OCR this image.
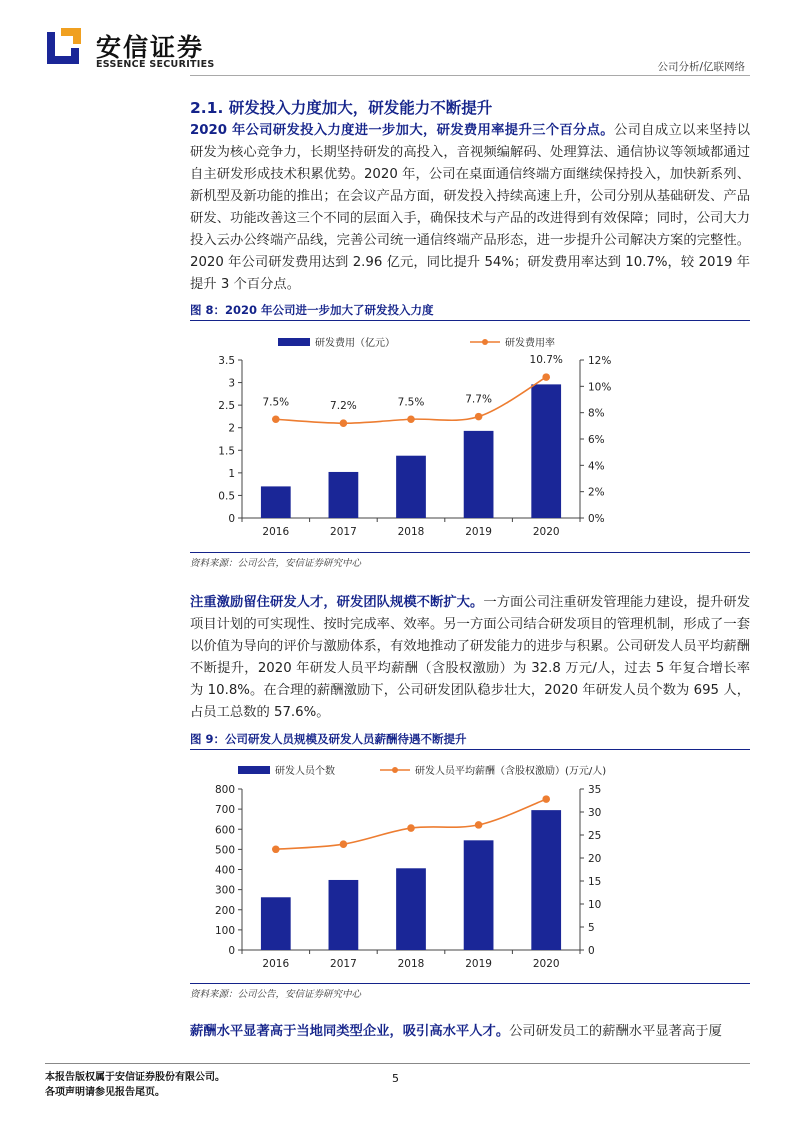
安信证券
ESSENCE SECURITIES	公司分析/亿联网络
2.1. 研发投入力度加大，研发能力不断提升
2020 年公司研发投入力度进一步加大，研发费用率提升三个百分点。公司自成立以来坚持以研发为核心竞争力，长期坚持研发的高投入，音视频编解码、处理算法、通信协议等领域都通过自主研发形成技术积累优势。2020 年，公司在桌面通信终端方面继续保持投入，加快新系列、新机型及新功能的推出；在会议产品方面，研发投入持续高速上升，公司分别从基础研发、产品研发、功能改善这三个不同的层面入手，确保技术与产品的改进得到有效保障；同时，公司大力投入云办公终端产品线，完善公司统一通信终端产品形态，进一步提升公司解决方案的完整性。2020 年公司研发费用达到 2.96 亿元，同比提升 54%；研发费用率达到 10.7%，较 2019 年提升 3 个百分点。
图 8：2020 年公司进一步加大了研发投入力度
研发费用（亿元）	研发费用率
0
0.5
1
1.5
2
2.5
3
3.5
0%
2%
4%
6%
8%
10%
12%
2016	2017	2018	2019	2020
7.5%	7.2%	7.5%	7.7%
10.7%
资料来源：公司公告，安信证券研究中心
注重激励留住研发人才，研发团队规模不断扩大。一方面公司注重研发管理能力建设，提升研发项目计划的可实现性、按时完成率、效率。另一方面公司结合研发项目的管理机制，形成了一套以价值为导向的评价与激励体系，有效地推动了研发能力的进步与积累。公司研发人员平均薪酬不断提升，2020 年研发人员平均薪酬（含股权激励）为 32.8 万元/人，过去 5 年复合增长率为 10.8%。在合理的薪酬激励下，公司研发团队稳步壮大，2020 年研发人员个数为 695 人，占员工总数的 57.6%。
图 9：公司研发人员规模及研发人员薪酬待遇不断提升
研发人员个数	研发人员平均薪酬（含股权激励）(万元/人)
0
100
200
300
400
500
600
700
800
0
5
10
15
20
25
30
35
2016	2017	2018	2019	2020
资料来源：公司公告，安信证券研究中心
薪酬水平显著高于当地同类型企业，吸引高水平人才。公司研发员工的薪酬水平显著高于厦
本报告版权属于安信证券股份有限公司。
各项声明请参见报告尾页。
5
